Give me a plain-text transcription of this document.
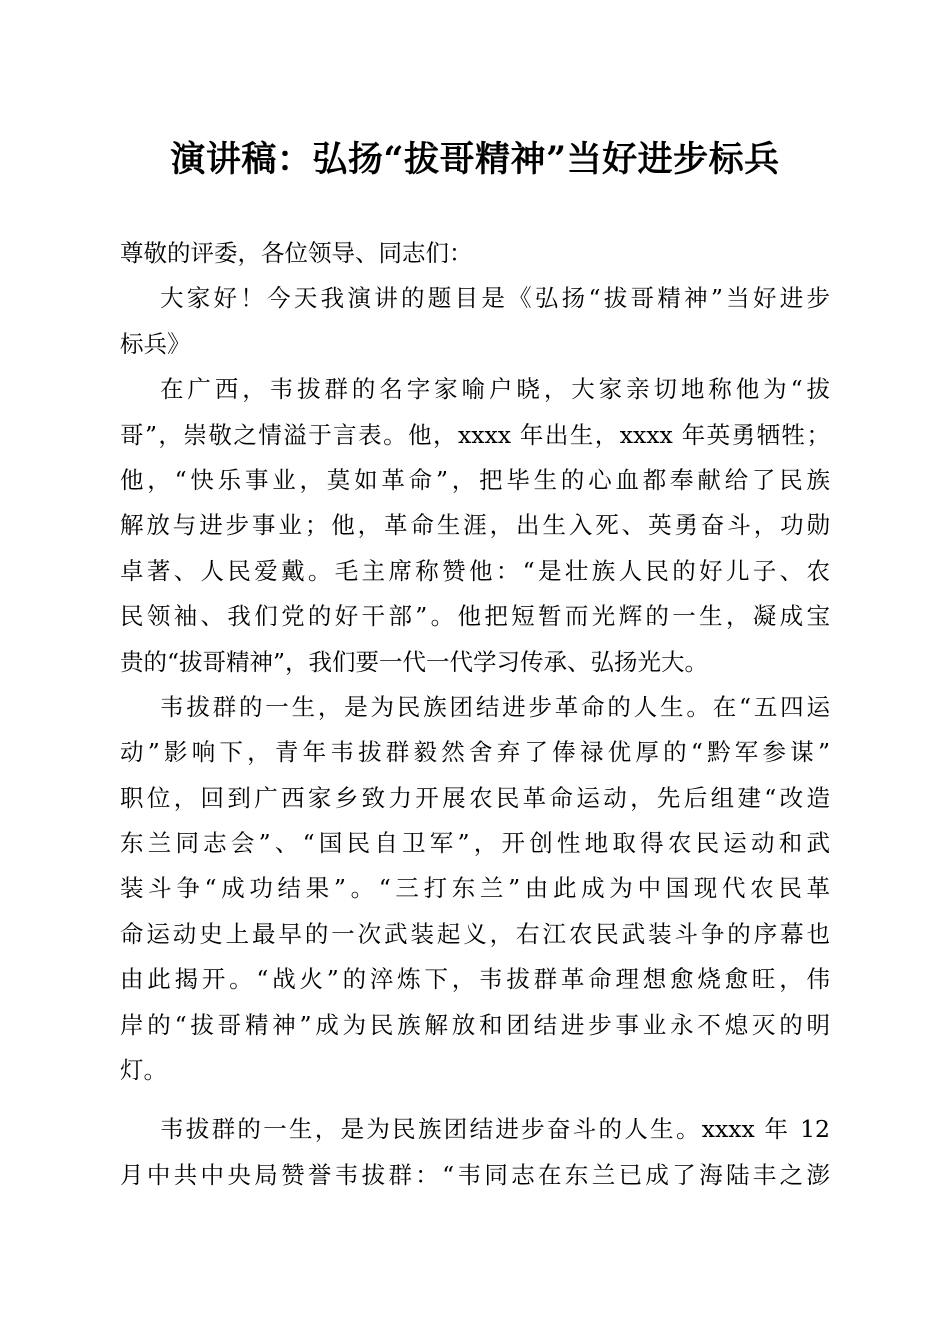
演讲稿：弘扬“拔哥精神”当好进步标兵
尊敬的评委，各位领导、同志们：
大家好！今天我演讲的题目是《弘扬“拔哥精神”当好进步
标兵》
在广西，韦拔群的名字家喻户晓，大家亲切地称他为“拔
哥”，崇敬之情溢于言表。他，xxxx 年出生，xxxx 年英勇牺牲；
他，“快乐事业，莫如革命”，把毕生的心血都奉献给了民族
解放与进步事业；他，革命生涯，出生入死、英勇奋斗，功勋
卓著、人民爱戴。毛主席称赞他：“是壮族人民的好儿子、农
民领袖、我们党的好干部”。他把短暂而光辉的一生，凝成宝
贵的“拔哥精神”，我们要一代一代学习传承、弘扬光大。
韦拔群的一生，是为民族团结进步革命的人生。在“五四运
动”影响下，青年韦拔群毅然舍弃了俸禄优厚的“黔军参谋”
职位，回到广西家乡致力开展农民革命运动，先后组建“改造
东兰同志会”、“国民自卫军”，开创性地取得农民运动和武
装斗争“成功结果”。“三打东兰”由此成为中国现代农民革
命运动史上最早的一次武装起义，右江农民武装斗争的序幕也
由此揭开。“战火”的淬炼下，韦拔群革命理想愈烧愈旺，伟
岸的“拔哥精神”成为民族解放和团结进步事业永不熄灭的明
灯。
韦拔群的一生，是为民族团结进步奋斗的人生。xxxx 年 12
月中共中央局赞誉韦拔群：“韦同志在东兰已成了海陆丰之澎
